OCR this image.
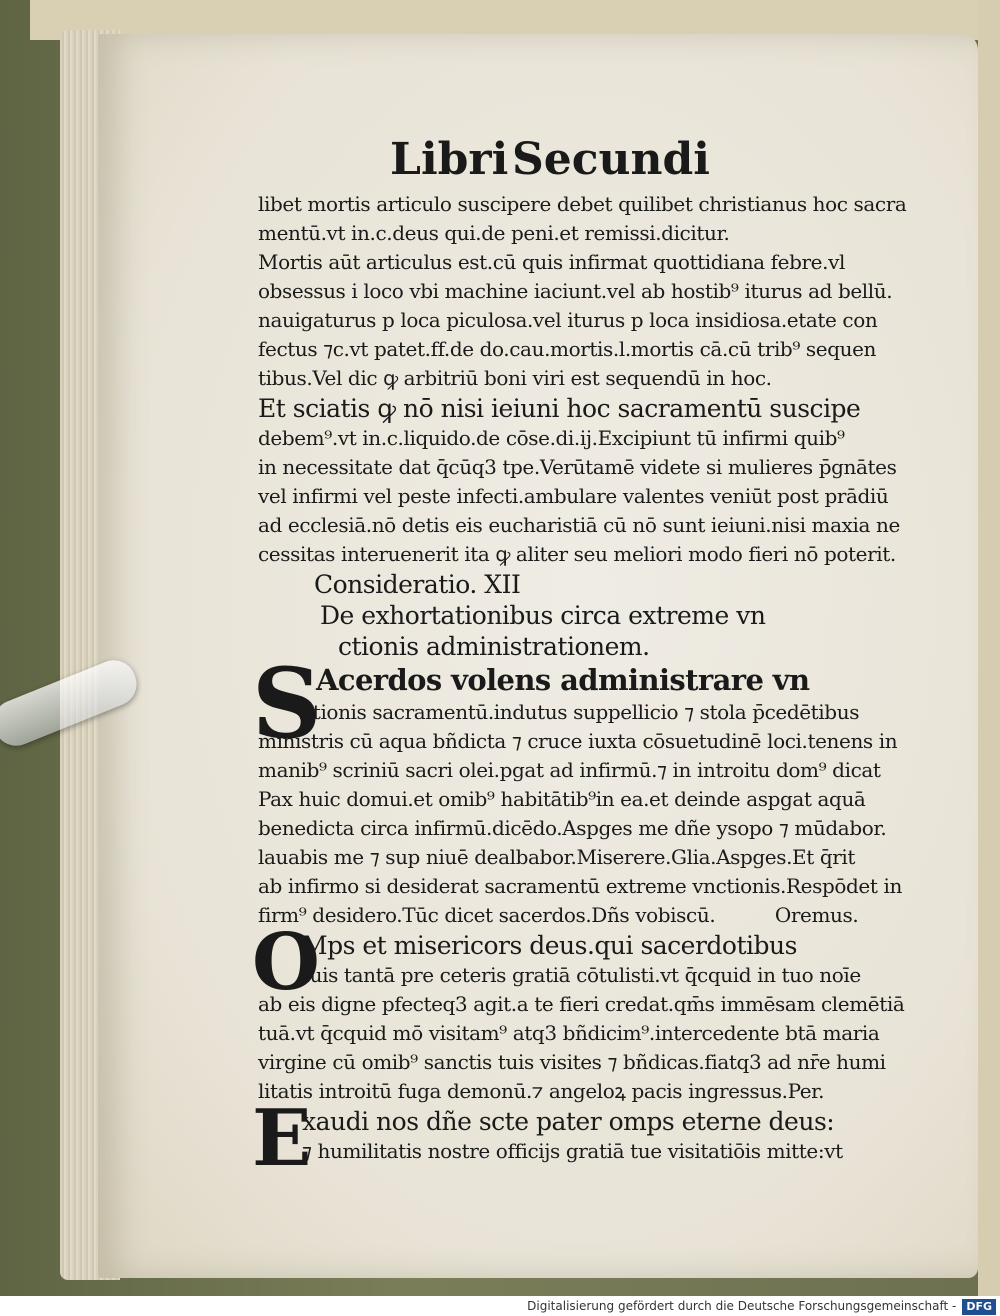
Libri Secundi
libet mortis articulo suscipere debet quilibet christianus hoc sacra
mentū.vt in.c.deus qui.de peni.et remissi.dicitur.
Mortis aūt articulus est.cū quis infirmat quottidiana febre.vl
obsessus i loco vbi machine iaciunt.vel ab hostib⁹ iturus ad bellū.
nauigaturus p loca piculosa.vel iturus p loca insidiosa.etate con
fectus ⁊c.vt patet.ff.de do.cau.mortis.l.mortis cā.cū trib⁹ sequen
tibus.Vel dic ꝙ arbitriū boni viri est sequendū in hoc.
Et sciatis ꝙ nō nisi ieiuni hoc sacramentū suscipe
debem⁹.vt in.c.liquido.de cōse.di.ij.Excipiunt tū infirmi quib⁹
in necessitate dat q̄cūq3 tpe.Verūtamē videte si mulieres p̄gnātes
vel infirmi vel peste infecti.ambulare valentes veniūt post prādiū
ad ecclesiā.nō detis eis eucharistiā cū nō sunt ieiuni.nisi maxia ne
cessitas interuenerit ita ꝙ aliter seu meliori modo fieri nō poterit.
Consideratio. XII
De exhortationibus circa extreme vn
ctionis administrationem.
S
Acerdos volens administrare vn
ctionis sacramentū.indutus suppellicio ⁊ stola p̄cedētibus
ministris cū aqua bñdicta ⁊ cruce iuxta cōsuetudinē loci.tenens in
manib⁹ scriniū sacri olei.pgat ad infirmū.⁊ in introitu dom⁹ dicat
Pax huic domui.et omib⁹ habitātib⁹in ea.et deinde aspgat aquā
benedicta circa infirmū.dicēdo.Aspges me dñe ysopo ⁊ mūdabor.
lauabis me ⁊ sup niuē dealbabor.Miserere.Glia.Aspges.Et q̄rit
ab infirmo si desiderat sacramentū extreme vnctionis.Respōdet in
firm⁹ desidero.Tūc dicet sacerdos.Dñs vobiscū.          Oremus.
O
Mps et misericors deus.qui sacerdotibus
tuis tantā pre ceteris gratiā cōtulisti.vt q̄cquid in tuo noīe
ab eis digne pfecteq3 agit.a te fieri credat.qm̄s immēsam clemētiā
tuā.vt q̄cquid mō visitam⁹ atq3 bñdicim⁹.intercedente btā maria
virgine cū omib⁹ sanctis tuis visites ⁊ bñdicas.fiatq3 ad nr̄e humi
litatis introitū fuga demonū.⁊ angeloꝝ pacis ingressus.Per.
E
xaudi nos dñe scte pater omps eterne deus:
⁊ humilitatis nostre officijs gratiā tue visitatiōis mitte:vt
Digitalisierung gefördert durch die Deutsche Forschungsgemeinschaft - DFG
